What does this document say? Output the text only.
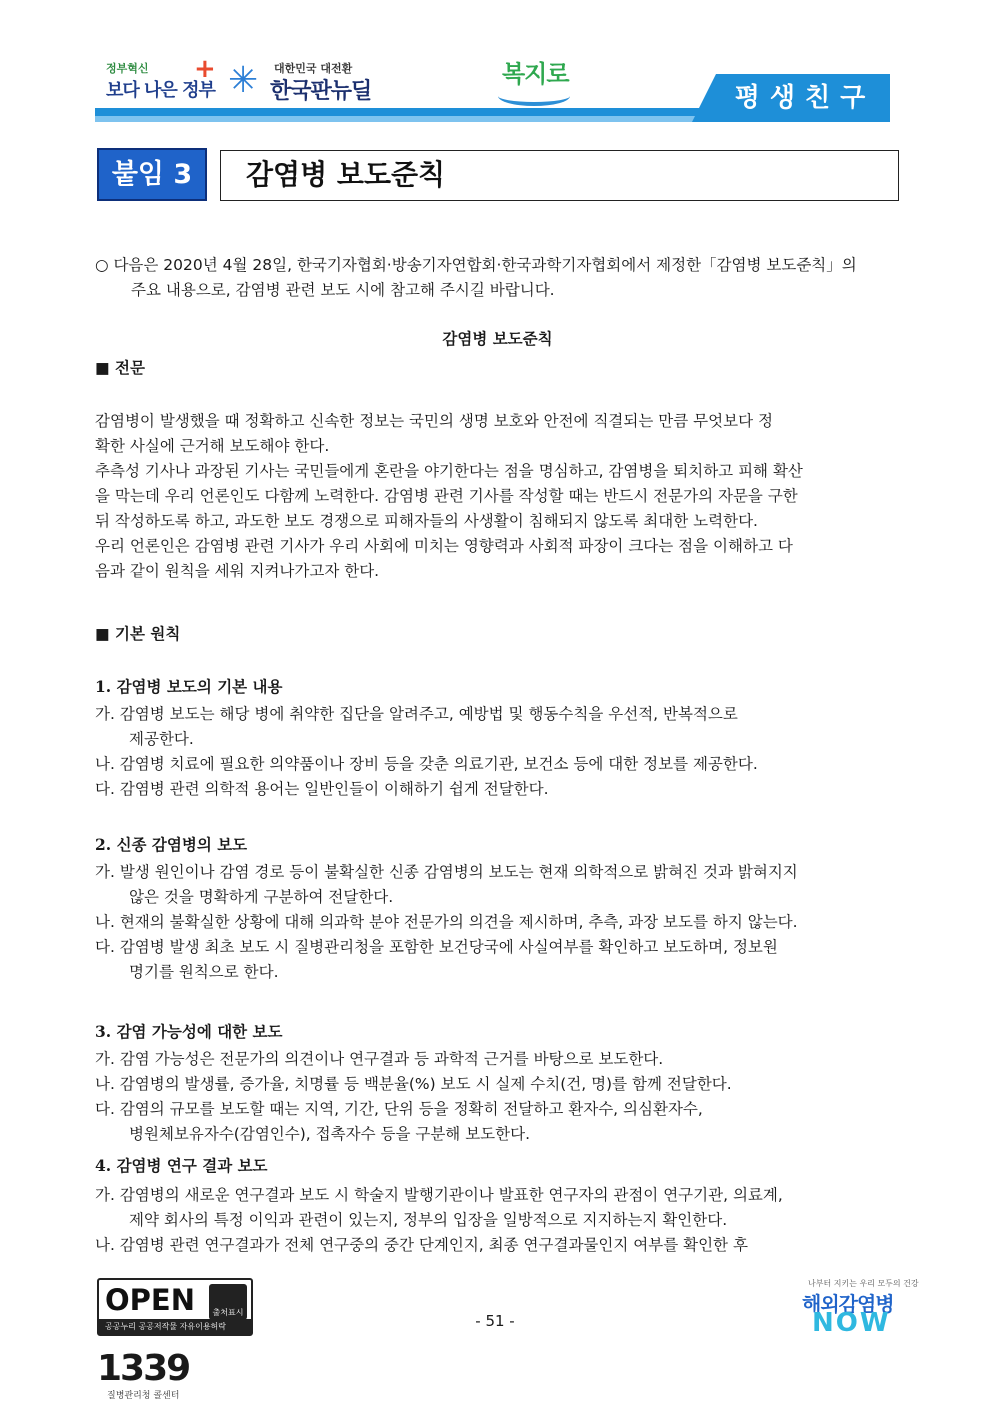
정부혁신
보다 나은 정부
+ ✳ 대한민국 대전환
한국판뉴딜
복지로
평생친구
붙임 3	감염병 보도준칙
○ 다음은 2020년 4월 28일, 한국기자협회·방송기자연합회·한국과학기자협회에서 제정한「감염병 보도준칙」의
주요 내용으로, 감염병 관련 보도 시에 참고해 주시길 바랍니다.
감염병 보도준칙
■ 전문
감염병이 발생했을 때 정확하고 신속한 정보는 국민의 생명 보호와 안전에 직결되는 만큼 무엇보다 정
확한 사실에 근거해 보도해야 한다.
추측성 기사나 과장된 기사는 국민들에게 혼란을 야기한다는 점을 명심하고, 감염병을 퇴치하고 피해 확산
을 막는데 우리 언론인도 다함께 노력한다. 감염병 관련 기사를 작성할 때는 반드시 전문가의 자문을 구한
뒤 작성하도록 하고, 과도한 보도 경쟁으로 피해자들의 사생활이 침해되지 않도록 최대한 노력한다.
우리 언론인은 감염병 관련 기사가 우리 사회에 미치는 영향력과 사회적 파장이 크다는 점을 이해하고 다
음과 같이 원칙을 세워 지켜나가고자 한다.
■ 기본 원칙
1. 감염병 보도의 기본 내용
가. 감염병 보도는 해당 병에 취약한 집단을 알려주고, 예방법 및 행동수칙을 우선적, 반복적으로
제공한다.
나. 감염병 치료에 필요한 의약품이나 장비 등을 갖춘 의료기관, 보건소 등에 대한 정보를 제공한다.
다. 감염병 관련 의학적 용어는 일반인들이 이해하기 쉽게 전달한다.
2. 신종 감염병의 보도
가. 발생 원인이나 감염 경로 등이 불확실한 신종 감염병의 보도는 현재 의학적으로 밝혀진 것과 밝혀지지
않은 것을 명확하게 구분하여 전달한다.
나. 현재의 불확실한 상황에 대해 의과학 분야 전문가의 의견을 제시하며, 추측, 과장 보도를 하지 않는다.
다. 감염병 발생 최초 보도 시 질병관리청을 포함한 보건당국에 사실여부를 확인하고 보도하며, 정보원
명기를 원칙으로 한다.
3. 감염 가능성에 대한 보도
가. 감염 가능성은 전문가의 의견이나 연구결과 등 과학적 근거를 바탕으로 보도한다.
나. 감염병의 발생률, 증가율, 치명률 등 백분율(%) 보도 시 실제 수치(건, 명)를 함께 전달한다.
다. 감염의 규모를 보도할 때는 지역, 기간, 단위 등을 정확히 전달하고 환자수, 의심환자수,
병원체보유자수(감염인수), 접촉자수 등을 구분해 보도한다.
4. 감염병 연구 결과 보도
가. 감염병의 새로운 연구결과 보도 시 학술지 발행기관이나 발표한 연구자의 관점이 연구기관, 의료계,
제약 회사의 특정 이익과 관련이 있는지, 정부의 입장을 일방적으로 지지하는지 확인한다.
나. 감염병 관련 연구결과가 전체 연구중의 중간 단계인지, 최종 연구결과물인지 여부를 확인한 후
OPEN	출처표시
공공누리 공공저작물 자유이용허락	- 51 -
나부터 지키는 우리 모두의 건강
해외감염병
NOW
1339
질병관리청 콜센터
